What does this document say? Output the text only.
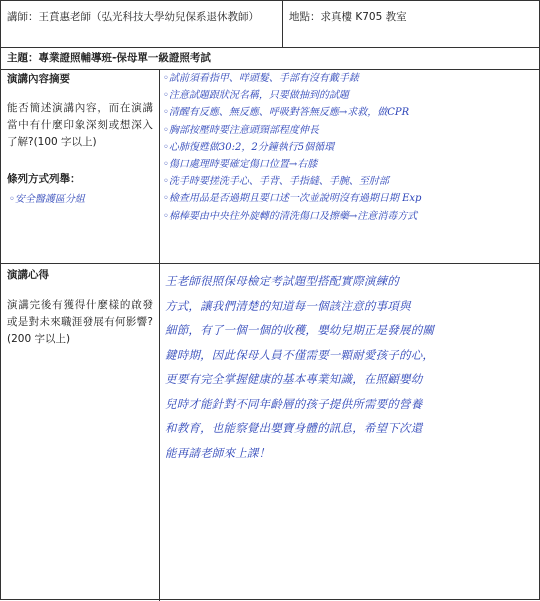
講師：王賁惠老師（弘光科技大學幼兒保系退休教師）	地點：求真樓 K705 教室
主題：專業證照輔導班-保母單一級證照考試
演講內容摘要
能否簡述演講內容，而在演講當中有什麼印象深刻或想深入了解?(100 字以上)
條列方式列舉：
◦安全醫護區分組
◦試前須看指甲、咩頭髮、手部有沒有戴手錶
◦注意試題跟狀況名稱，只要做抽到的試題
◦清醒有反應、無反應、呼吸對答無反應→求救，做CPR
◦胸部按壓時要注意頭頸部程度伸長
◦心肺復甦做30:2，2分鐘執行5個循環
◦傷口處理時要確定傷口位置→右膝
◦洗手時要搓洗手心、手背、手指縫、手腕、至肘部
◦檢查用品是否過期且要口述一次並說明沒有過期日期 Exp
◦棉棒要由中央往外旋轉的清洗傷口及擦藥→注意消毒方式
演講心得
演講完後有獲得什麼樣的啟發或是對未來職涯發展有何影響?(200 字以上)
王老師很照保母檢定考試題型搭配實際演練的
方式，讓我們清楚的知道每一個該注意的事項與
細節，有了一個一個的收穫，嬰幼兒期正是發展的關
鍵時期，因此保母人員不僅需要一顆耐愛孩子的心，
更要有完全掌握健康的基本專業知識，在照顧嬰幼
兒時才能針對不同年齡層的孩子提供所需要的營養
和教育，也能察覺出嬰寶身體的訊息，希望下次還
能再請老師來上課！
